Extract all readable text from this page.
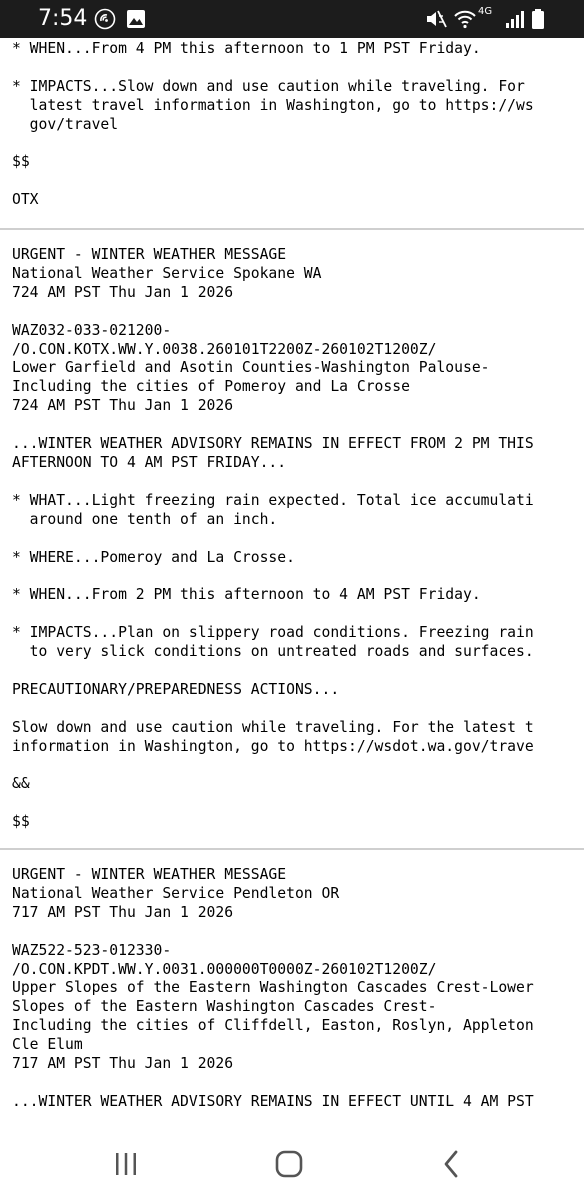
7:54	4G
* WHEN...From 4 PM this afternoon to 1 PM PST Friday.

* IMPACTS...Slow down and use caution while traveling. For
latest travel information in Washington, go to https://ws
gov/travel

$$

OTX
URGENT - WINTER WEATHER MESSAGE
National Weather Service Spokane WA
724 AM PST Thu Jan 1 2026

WAZ032-033-021200-
/O.CON.KOTX.WW.Y.0038.260101T2200Z-260102T1200Z/
Lower Garfield and Asotin Counties-Washington Palouse-
Including the cities of Pomeroy and La Crosse
724 AM PST Thu Jan 1 2026

...WINTER WEATHER ADVISORY REMAINS IN EFFECT FROM 2 PM THIS
AFTERNOON TO 4 AM PST FRIDAY...

* WHAT...Light freezing rain expected. Total ice accumulati
around one tenth of an inch.

* WHERE...Pomeroy and La Crosse.

* WHEN...From 2 PM this afternoon to 4 AM PST Friday.

* IMPACTS...Plan on slippery road conditions. Freezing rain
to very slick conditions on untreated roads and surfaces.

PRECAUTIONARY/PREPAREDNESS ACTIONS...

Slow down and use caution while traveling. For the latest t
information in Washington, go to https://wsdot.wa.gov/trave

&&

$$
URGENT - WINTER WEATHER MESSAGE
National Weather Service Pendleton OR
717 AM PST Thu Jan 1 2026

WAZ522-523-012330-
/O.CON.KPDT.WW.Y.0031.000000T0000Z-260102T1200Z/
Upper Slopes of the Eastern Washington Cascades Crest-Lower
Slopes of the Eastern Washington Cascades Crest-
Including the cities of Cliffdell, Easton, Roslyn, Appleton
Cle Elum
717 AM PST Thu Jan 1 2026

...WINTER WEATHER ADVISORY REMAINS IN EFFECT UNTIL 4 AM PST
